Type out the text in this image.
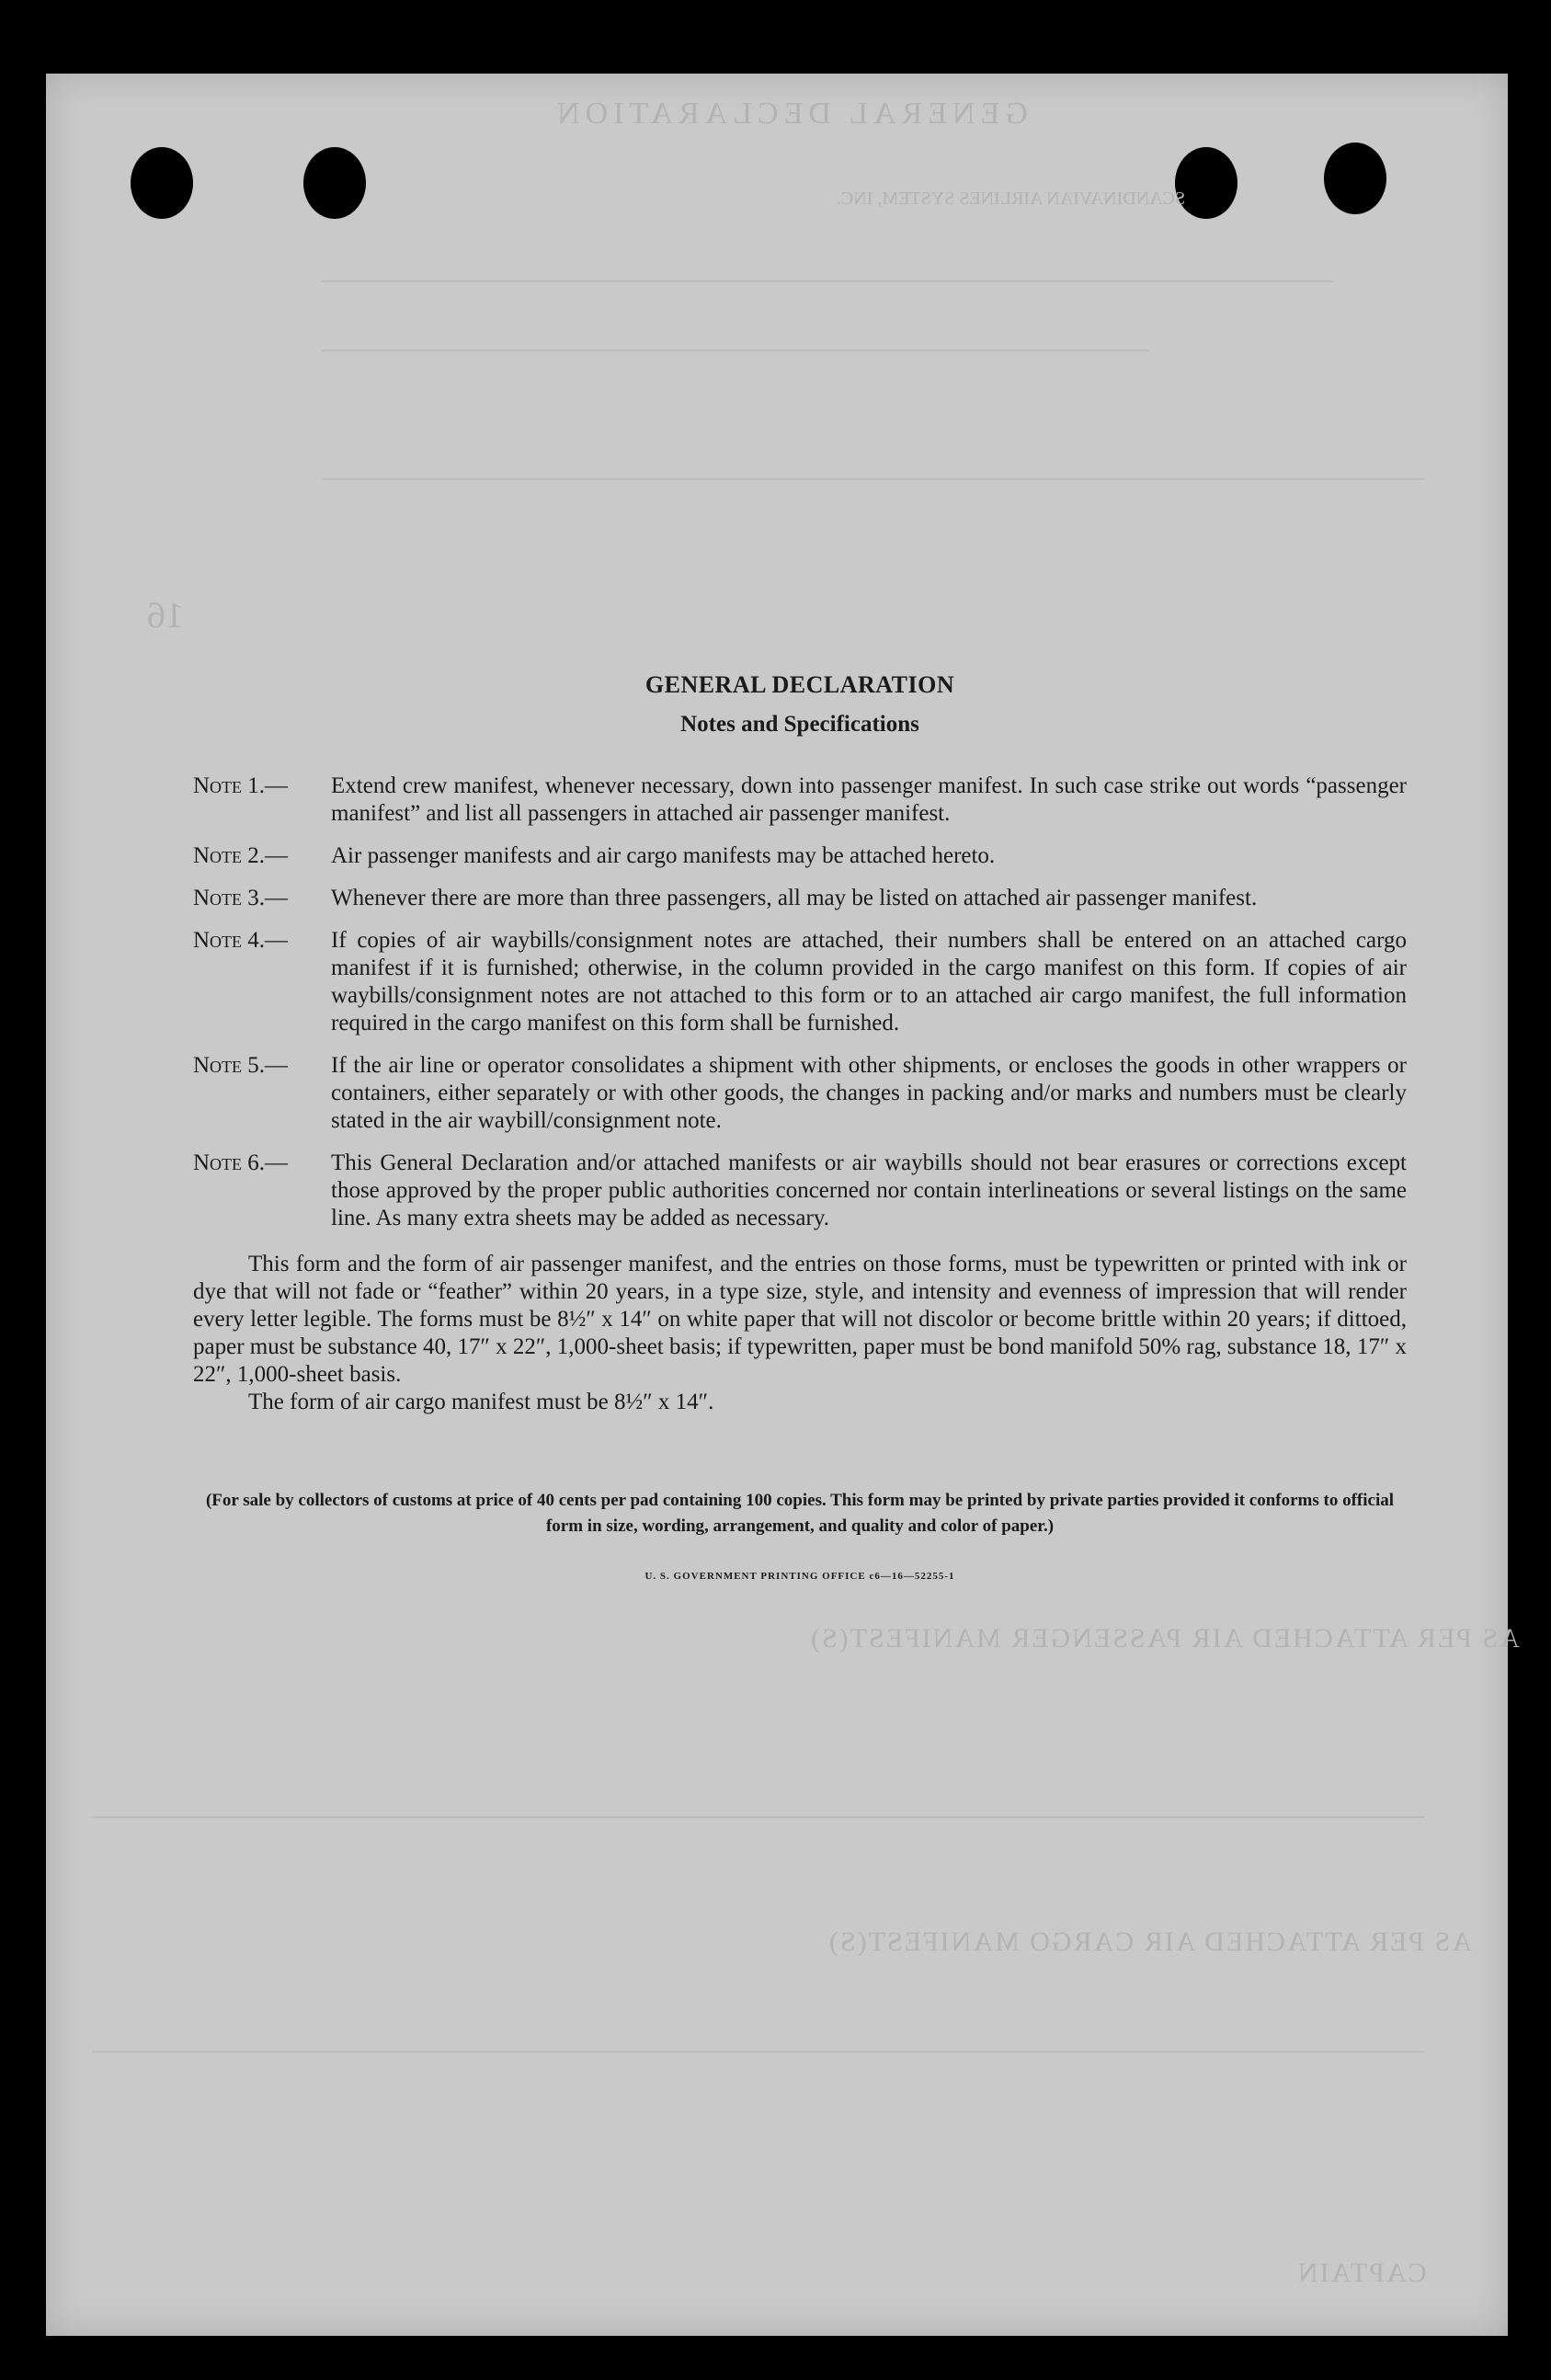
GENERAL DECLARATION
SCANDINAVIAN AIRLINES SYSTEM, INC.
16
AS PER ATTACHED AIR PASSENGER MANIFEST(S)
AS PER ATTACHED AIR CARGO MANIFEST(S)
CAPTAIN
GENERAL DECLARATION
Notes and Specifications
Note 1.—	Extend crew manifest, whenever necessary, down into passenger manifest. In such case strike out words “passenger manifest” and list all passengers in attached air passenger manifest.
Note 2.—	Air passenger manifests and air cargo manifests may be attached hereto.
Note 3.—	Whenever there are more than three passengers, all may be listed on attached air passenger manifest.
Note 4.—	If copies of air waybills/consignment notes are attached, their numbers shall be entered on an attached cargo manifest if it is furnished; otherwise, in the column provided in the cargo manifest on this form. If copies of air waybills/consignment notes are not attached to this form or to an attached air cargo manifest, the full information required in the cargo manifest on this form shall be furnished.
Note 5.—	If the air line or operator consolidates a shipment with other shipments, or encloses the goods in other wrappers or containers, either separately or with other goods, the changes in packing and/or marks and numbers must be clearly stated in the air waybill/consignment note.
Note 6.—	This General Declaration and/or attached manifests or air waybills should not bear erasures or corrections except those approved by the proper public authorities concerned nor contain interlineations or several listings on the same line. As many extra sheets may be added as necessary.

This form and the form of air passenger manifest, and the entries on those forms, must be typewritten or printed with ink or dye that will not fade or “feather” within 20 years, in a type size, style, and intensity and evenness of impression that will render every letter legible. The forms must be 8½″ x 14″ on white paper that will not discolor or become brittle within 20 years; if dittoed, paper must be substance 40, 17″ x 22″, 1,000-sheet basis; if typewritten, paper must be bond manifold 50% rag, substance 18, 17″ x 22″, 1,000-sheet basis.

The form of air cargo manifest must be 8½″ x 14″.

(For sale by collectors of customs at price of 40 cents per pad containing 100 copies. This form may be printed by private parties provided it conforms to official form in size, wording, arrangement, and quality and color of paper.)
U. S. GOVERNMENT PRINTING OFFICE c6—16—52255-1
